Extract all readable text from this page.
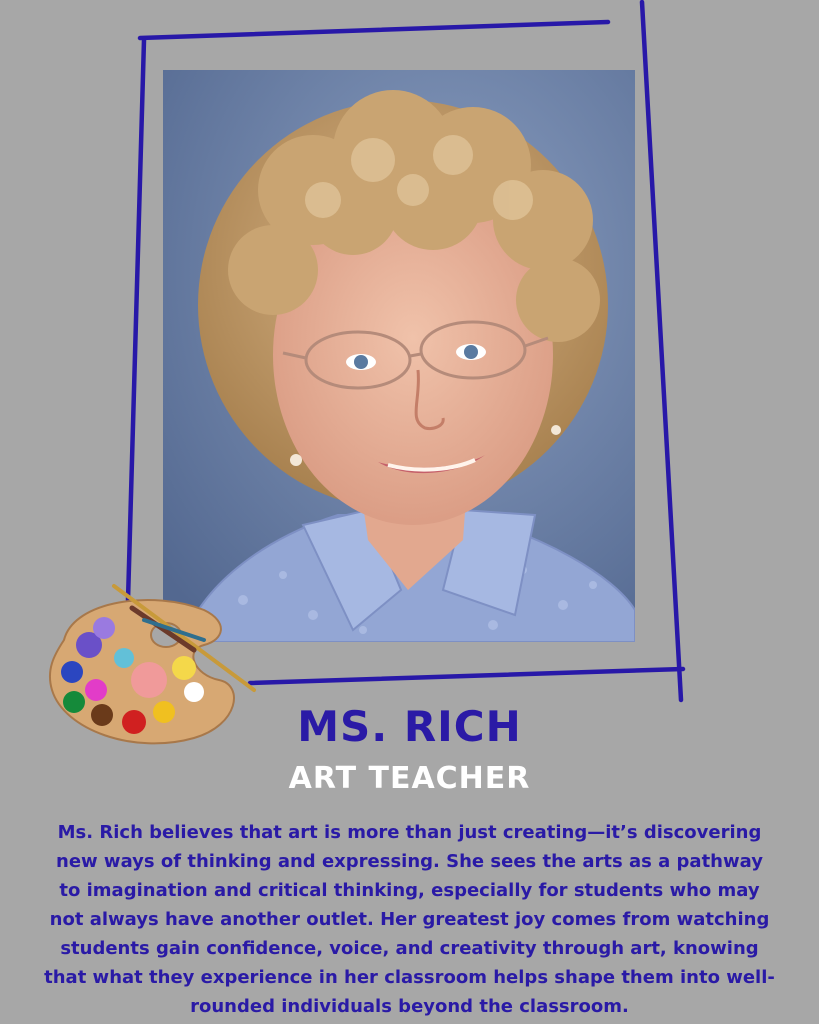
MS. RICH
ART TEACHER
Ms. Rich believes that art is more than just creating—it’s discovering new ways of thinking and expressing. She sees the arts as a pathway to imagination and critical thinking, especially for students who may not always have another outlet. Her greatest joy comes from watching students gain confidence, voice, and creativity through art, knowing that what they experience in her classroom helps shape them into well-rounded individuals beyond the classroom.
